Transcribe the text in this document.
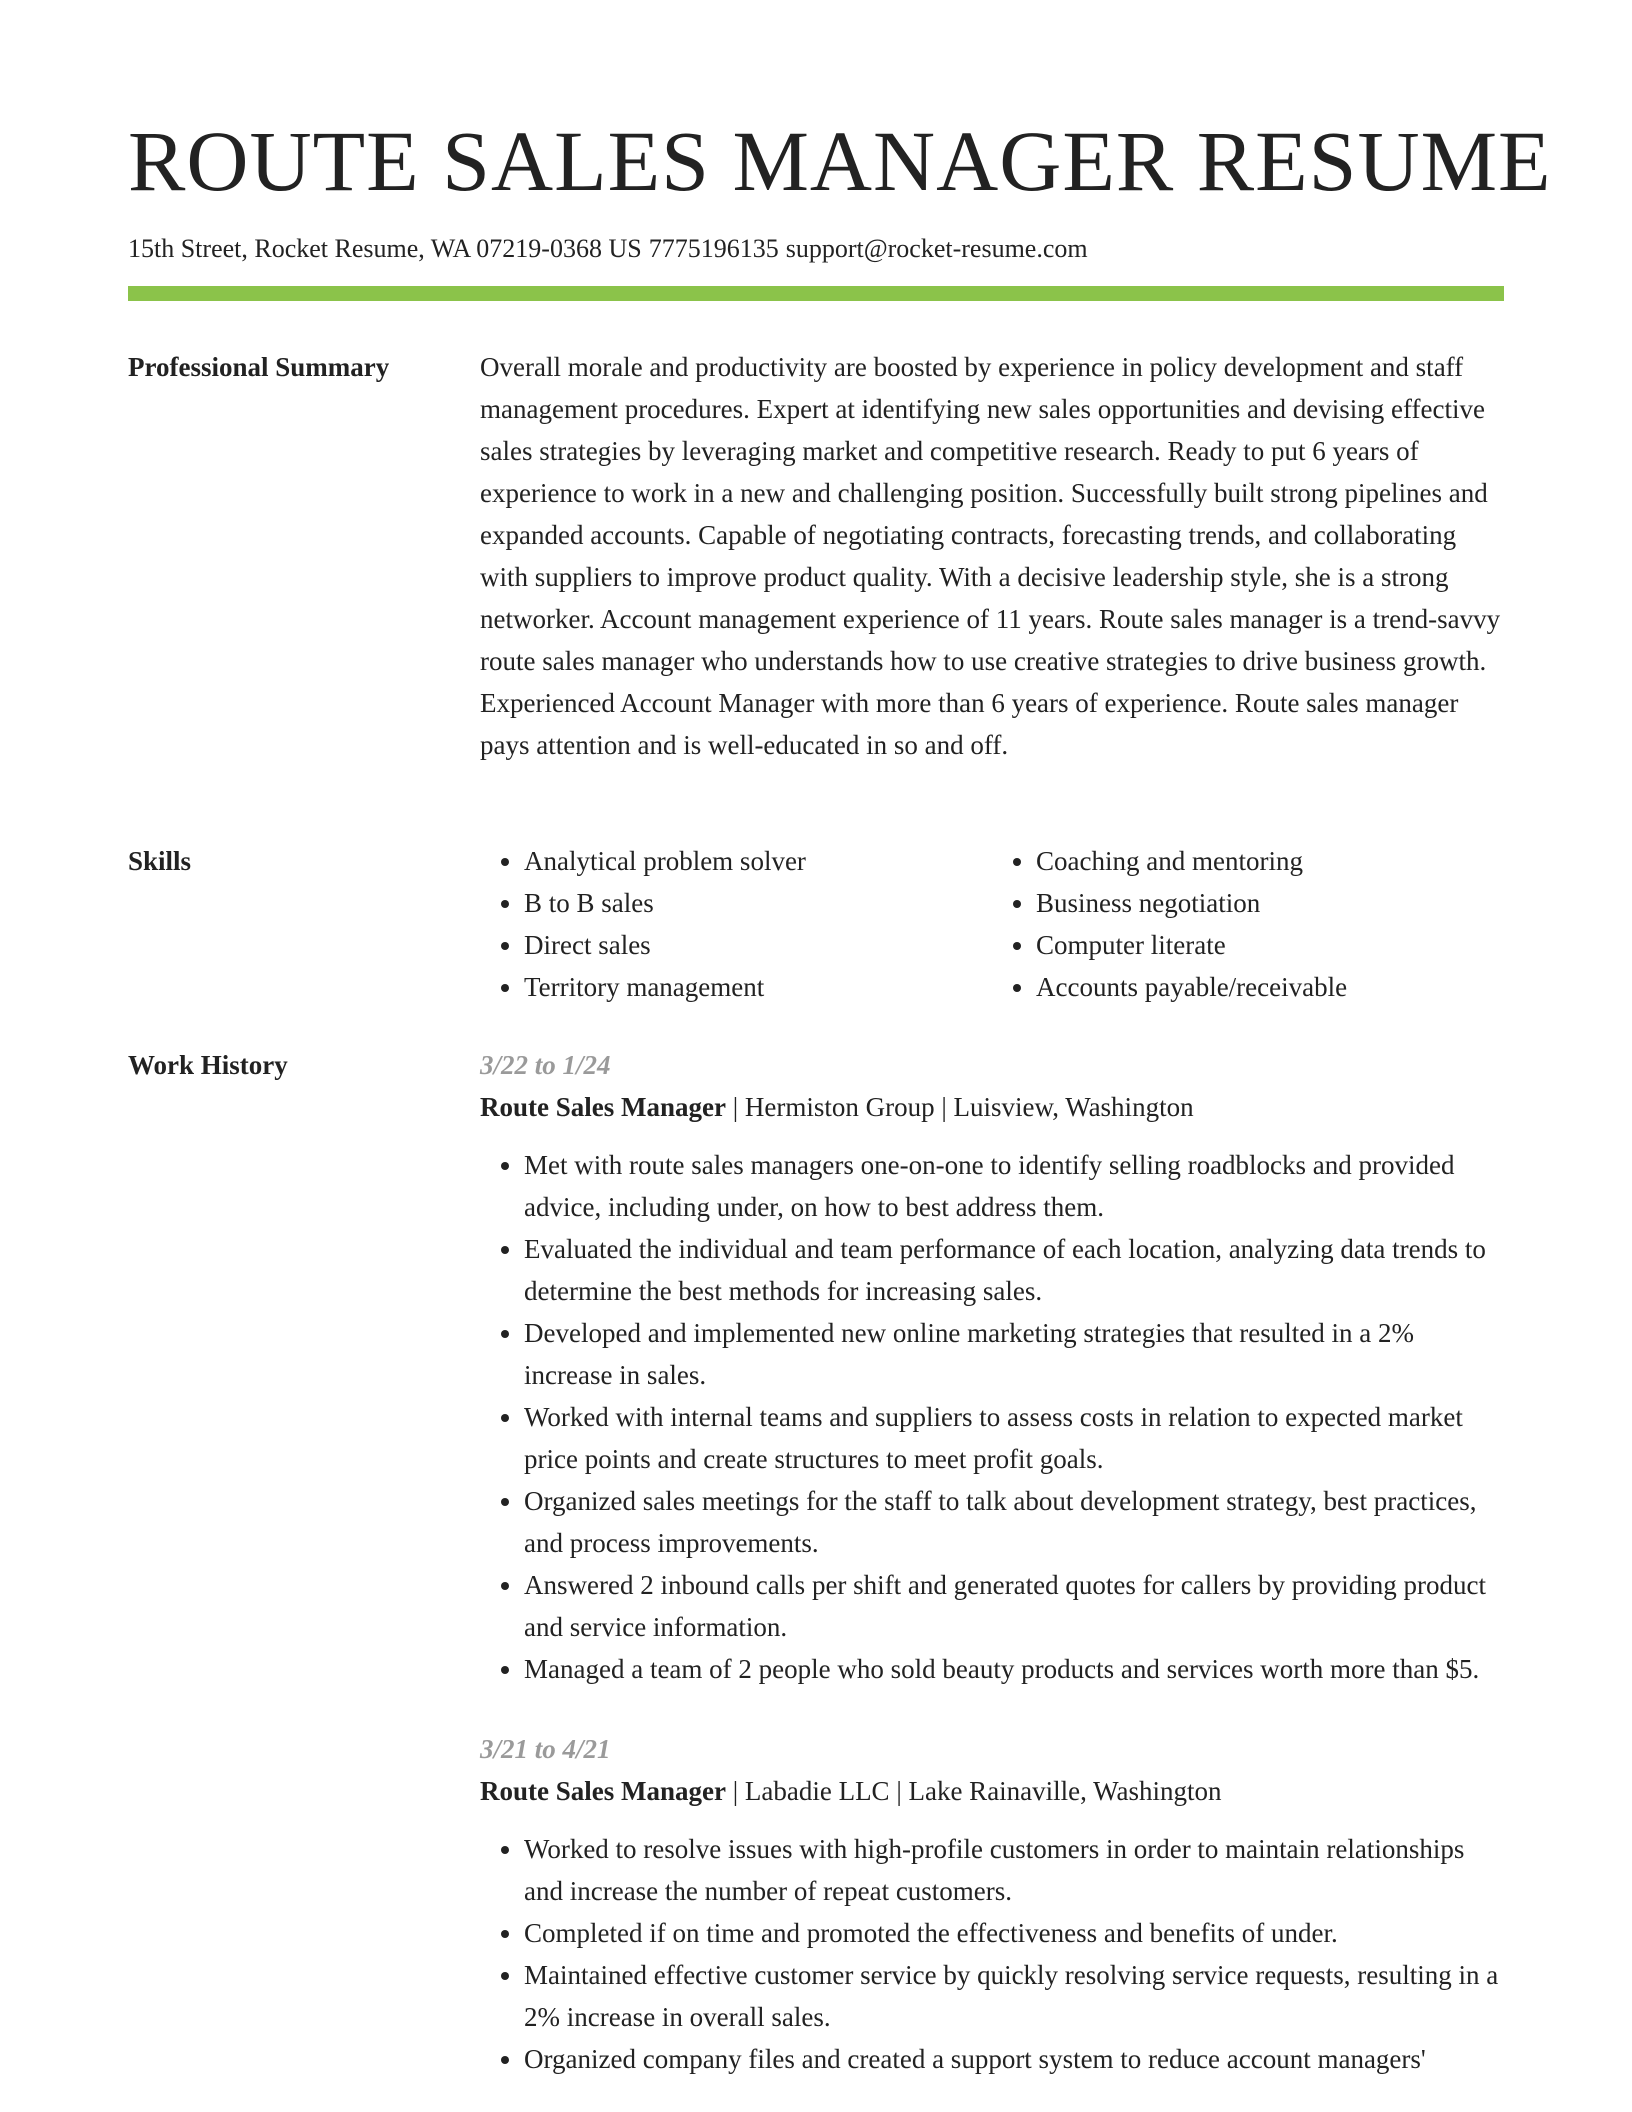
ROUTE SALES MANAGER RESUME
15th Street, Rocket Resume, WA 07219-0368 US 7775196135 support@rocket-resume.com
Professional Summary	Overall morale and productivity are boosted by experience in policy development and staff management procedures. Expert at identifying new sales opportunities and devising effective sales strategies by leveraging market and competitive research. Ready to put 6 years of experience to work in a new and challenging position. Successfully built strong pipelines and expanded accounts. Capable of negotiating contracts, forecasting trends, and collaborating with suppliers to improve product quality. With a decisive leadership style, she is a strong networker. Account management experience of 11 years. Route sales manager is a trend-savvy route sales manager who understands how to use creative strategies to drive business growth. Experienced Account Manager with more than 6 years of experience. Route sales manager pays attention and is well-educated in so and off.

Skills
•	Analytical problem solver
• B to B sales
• Direct sales
• Territory management
• Coaching and mentoring
• Business negotiation
• Computer literate
• Accounts payable/receivable
Work History	3/22 to 1/24
Route Sales Manager | Hermiston Group | Luisview, Washington
• Met with route sales managers one-on-one to identify selling roadblocks and provided advice, including under, on how to best address them.
• Evaluated the individual and team performance of each location, analyzing data trends to determine the best methods for increasing sales.
• Developed and implemented new online marketing strategies that resulted in a 2% increase in sales.
• Worked with internal teams and suppliers to assess costs in relation to expected market price points and create structures to meet profit goals.
• Organized sales meetings for the staff to talk about development strategy, best practices, and process improvements.
• Answered 2 inbound calls per shift and generated quotes for callers by providing product and service information.
• Managed a team of 2 people who sold beauty products and services worth more than $5.
3/21 to 4/21
Route Sales Manager | Labadie LLC | Lake Rainaville, Washington
• Worked to resolve issues with high-profile customers in order to maintain relationships and increase the number of repeat customers.
• Completed if on time and promoted the effectiveness and benefits of under.
• Maintained effective customer service by quickly resolving service requests, resulting in a 2% increase in overall sales.
• Organized company files and created a support system to reduce account managers'
